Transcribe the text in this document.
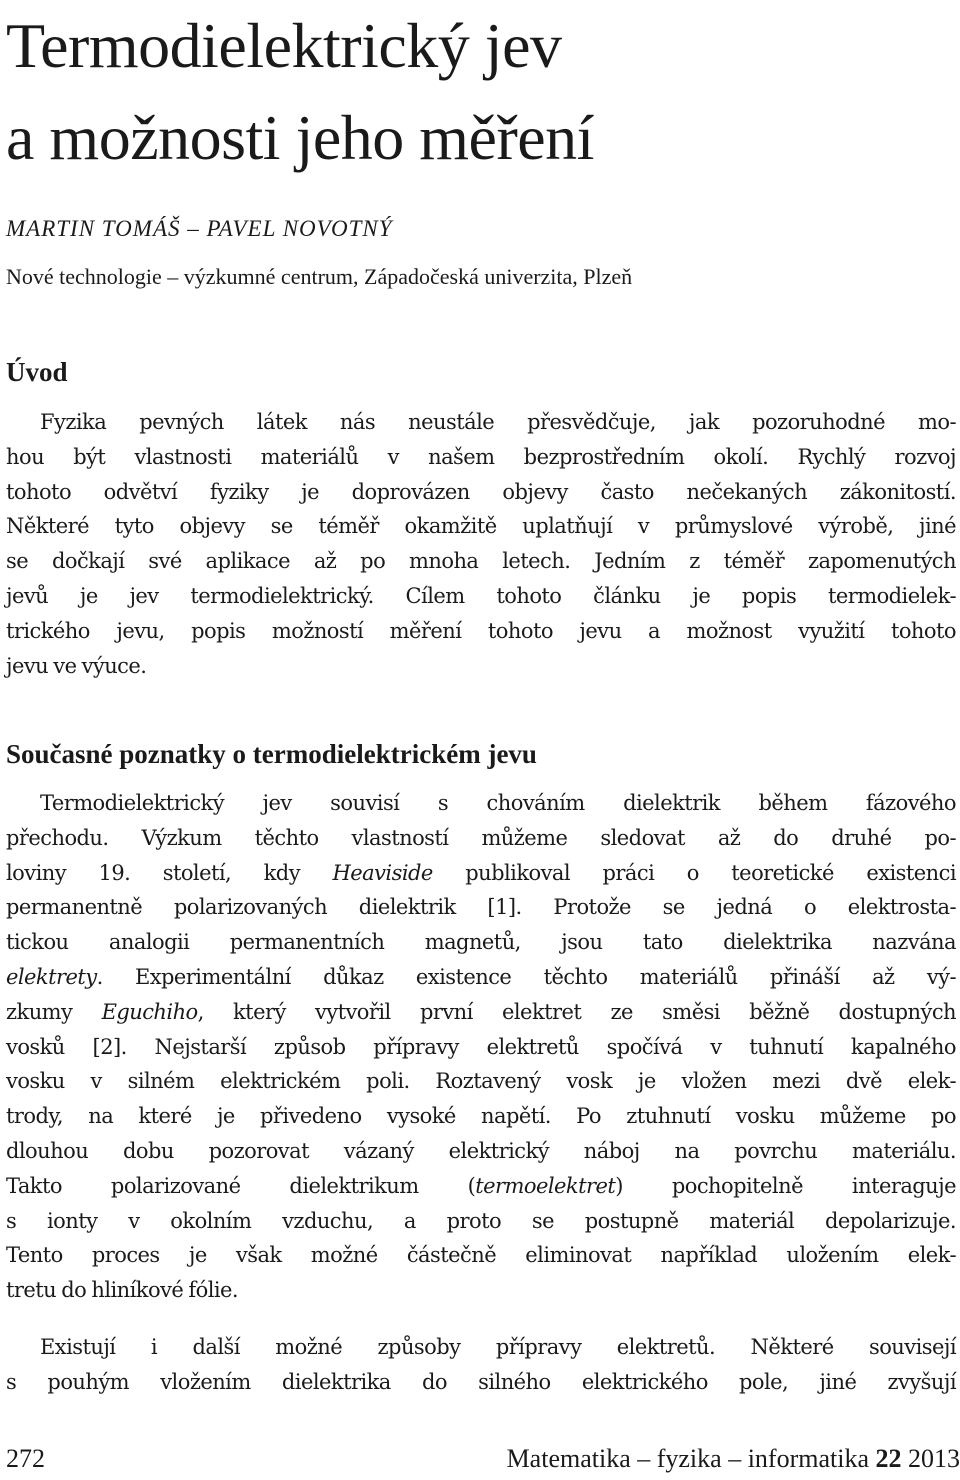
Termodielektrický jev
a možnosti jeho měření
MARTIN TOMÁŠ – PAVEL NOVOTNÝ
Nové technologie – výzkumné centrum, Západočeská univerzita, Plzeň
Úvod
Fyzika pevných látek nás neustále přesvědčuje, jak pozoruhodné mo-
hou být vlastnosti materiálů v našem bezprostředním okolí. Rychlý rozvoj
tohoto odvětví fyziky je doprovázen objevy často nečekaných zákonitostí.
Některé tyto objevy se téměř okamžitě uplatňují v průmyslové výrobě, jiné
se dočkají své aplikace až po mnoha letech. Jedním z téměř zapomenutých
jevů je jev termodielektrický. Cílem tohoto článku je popis termodielek-
trického jevu, popis možností měření tohoto jevu a možnost využití tohoto
jevu ve výuce.
Současné poznatky o termodielektrickém jevu
Termodielektrický jev souvisí s chováním dielektrik během fázového
přechodu. Výzkum těchto vlastností můžeme sledovat až do druhé po-
loviny 19. století, kdy Heaviside publikoval práci o teoretické existenci
permanentně polarizovaných dielektrik [1]. Protože se jedná o elektrosta-
tickou analogii permanentních magnetů, jsou tato dielektrika nazvána
elektrety. Experimentální důkaz existence těchto materiálů přináší až vý-
zkumy Eguchiho, který vytvořil první elektret ze směsi běžně dostupných
vosků [2]. Nejstarší způsob přípravy elektretů spočívá v tuhnutí kapalného
vosku v silném elektrickém poli. Roztavený vosk je vložen mezi dvě elek-
trody, na které je přivedeno vysoké napětí. Po ztuhnutí vosku můžeme po
dlouhou dobu pozorovat vázaný elektrický náboj na povrchu materiálu.
Takto polarizované dielektrikum (termoelektret) pochopitelně interaguje
s ionty v okolním vzduchu, a proto se postupně materiál depolarizuje.
Tento proces je však možné částečně eliminovat například uložením elek-
tretu do hliníkové fólie.
Existují i další možné způsoby přípravy elektretů. Některé souvisejí
s pouhým vložením dielektrika do silného elektrického pole, jiné zvyšují
272	Matematika – fyzika – informatika 22 2013
